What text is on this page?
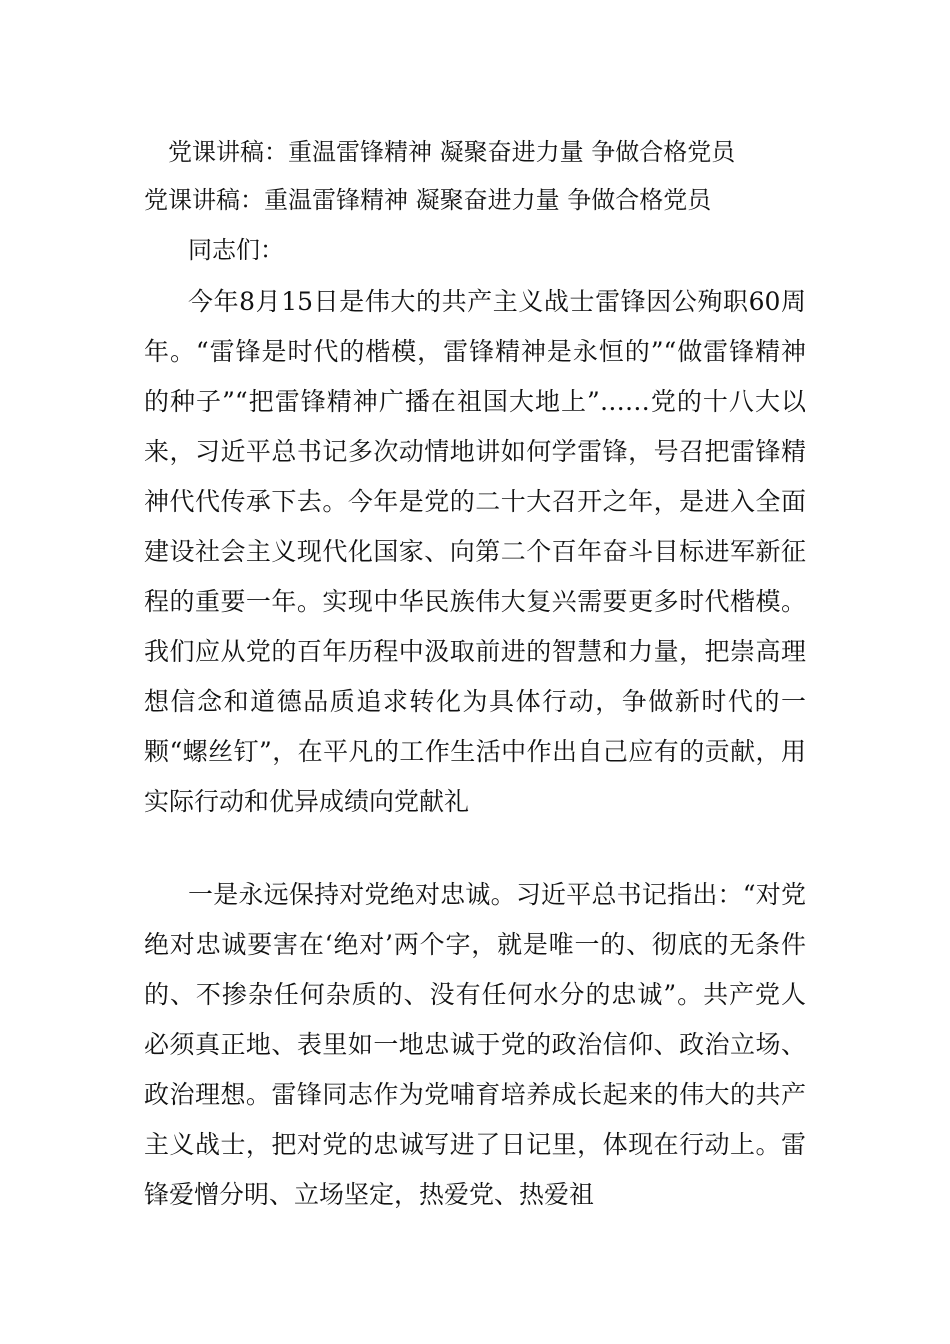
党课讲稿：重温雷锋精神 凝聚奋进力量 争做合格党员
党课讲稿：重温雷锋精神 凝聚奋进力量 争做合格党员
同志们：

今年8月15日是伟大的共产主义战士雷锋因公殉职60周年。“雷锋是时代的楷模，雷锋精神是永恒的”“做雷锋精神的种子”“把雷锋精神广播在祖国大地上”……党的十八大以来，习近平总书记多次动情地讲如何学雷锋，号召把雷锋精神代代传承下去。今年是党的二十大召开之年，是进入全面建设社会主义现代化国家、向第二个百年奋斗目标进军新征程的重要一年。实现中华民族伟大复兴需要更多时代楷模。我们应从党的百年历程中汲取前进的智慧和力量，把崇高理想信念和道德品质追求转化为具体行动，争做新时代的一颗“螺丝钉”，在平凡的工作生活中作出自己应有的贡献，用实际行动和优异成绩向党献礼

一是永远保持对党绝对忠诚。习近平总书记指出：“对党绝对忠诚要害在‘绝对’两个字，就是唯一的、彻底的无条件的、不掺杂任何杂质的、没有任何水分的忠诚”。共产党人必须真正地、表里如一地忠诚于党的政治信仰、政治立场、政治理想。雷锋同志作为党哺育培养成长起来的伟大的共产主义战士，把对党的忠诚写进了日记里，体现在行动上。雷锋爱憎分明、立场坚定，热爱党、热爱祖
